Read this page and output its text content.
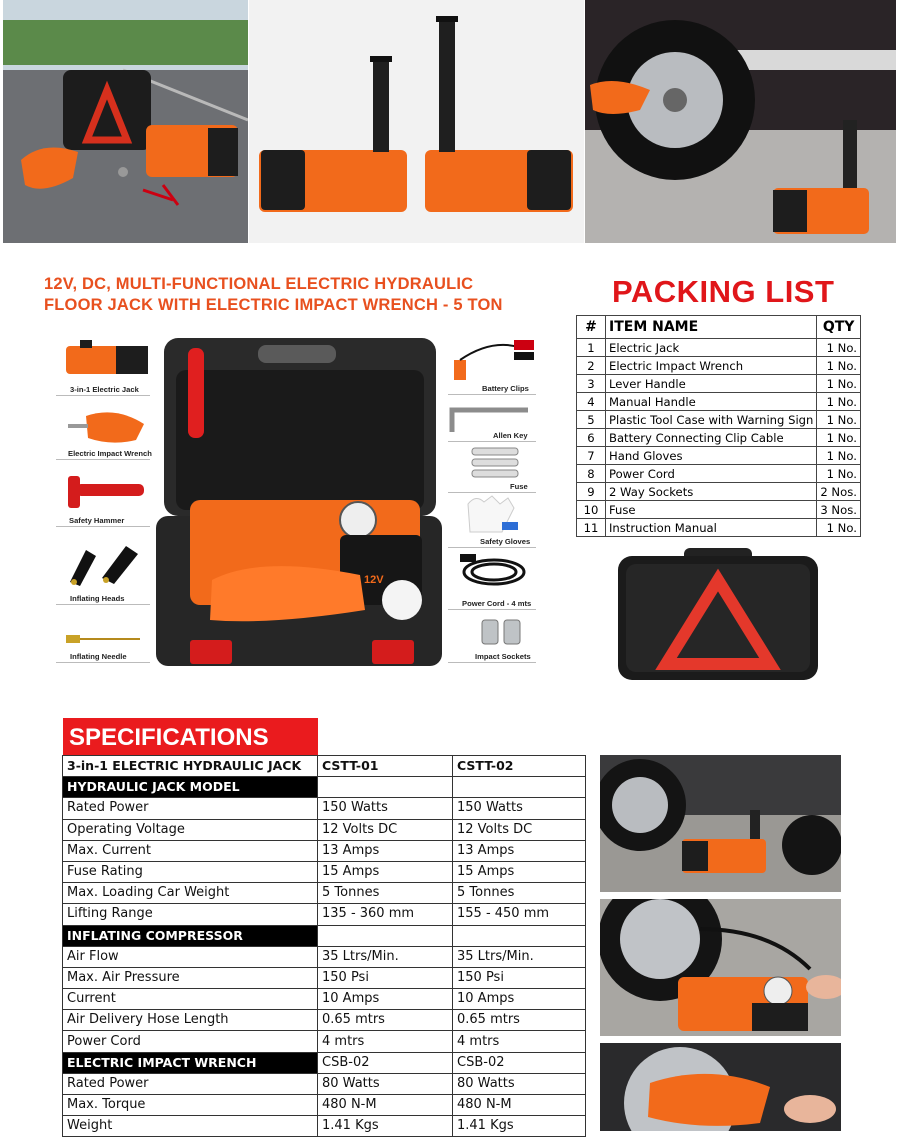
12V, DC, MULTI-FUNCTIONAL ELECTRIC HYDRAULIC
FLOOR JACK WITH ELECTRIC IMPACT WRENCH - 5 TON
12V
3-in-1 Electric Jack
Electric Impact Wrench
Safety Hammer
Inflating Heads
Inflating Needle
Battery Clips
Allen Key
Fuse
Safety Gloves
Power Cord - 4 mts
Impact Sockets
PACKING LIST
#	ITEM NAME	QTY
1	Electric Jack	1 No.
2	Electric Impact Wrench	1 No.
3	Lever Handle	1 No.
4	Manual Handle	1 No.
5	Plastic Tool Case with Warning Sign	1 No.
6	Battery Connecting Clip Cable	1 No.
7	Hand Gloves	1 No.
8	Power Cord	1 No.
9	2 Way Sockets	2 Nos.
10	Fuse	3 Nos.
11	Instruction Manual	1 No.
SPECIFICATIONS
3-in-1 ELECTRIC HYDRAULIC JACK	CSTT-01	CSTT-02
HYDRAULIC JACK MODEL		
Rated Power	150 Watts	150 Watts
Operating Voltage	12 Volts DC	12 Volts DC
Max. Current	13 Amps	13 Amps
Fuse Rating	15 Amps	15 Amps
Max. Loading Car Weight	5 Tonnes	5 Tonnes
Lifting Range	135 - 360 mm	155 - 450 mm
INFLATING COMPRESSOR		
Air Flow	35 Ltrs/Min.	35 Ltrs/Min.
Max. Air Pressure	150 Psi	150 Psi
Current	10 Amps	10 Amps
Air Delivery Hose Length	0.65 mtrs	0.65 mtrs
Power Cord	4 mtrs	4 mtrs
ELECTRIC IMPACT WRENCH	CSB-02	CSB-02
Rated Power	80 Watts	80 Watts
Max. Torque	480 N-M	480 N-M
Weight	1.41 Kgs	1.41 Kgs
